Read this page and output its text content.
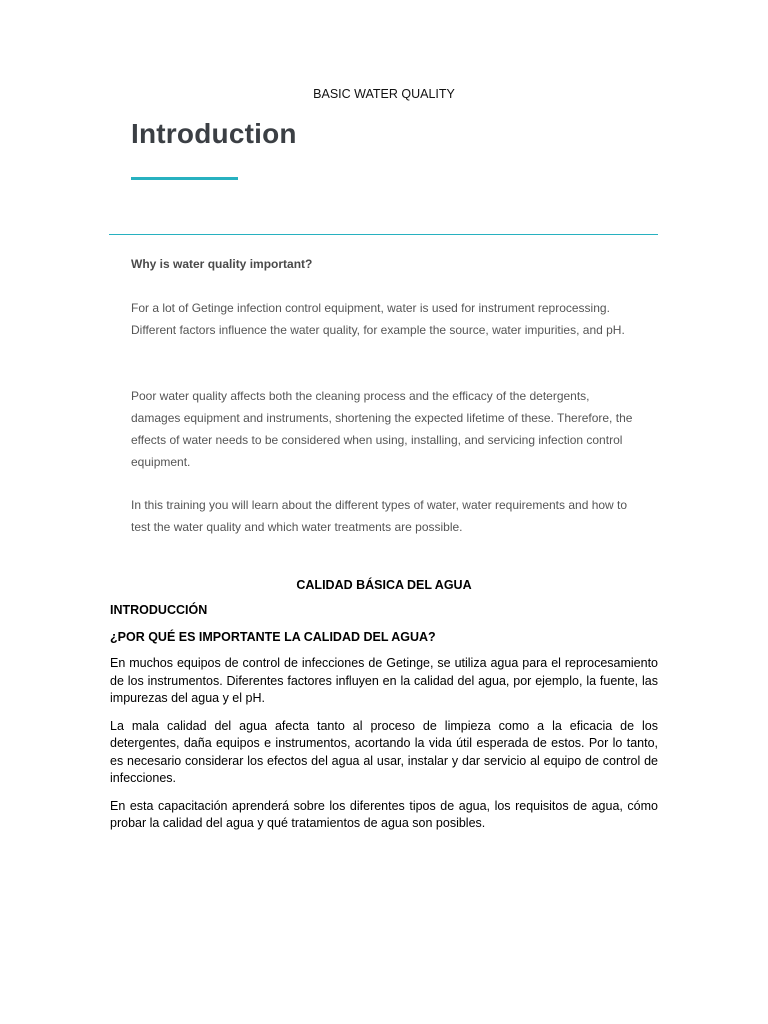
BASIC WATER QUALITY
Introduction

Why is water quality important?

For a lot of Getinge infection control equipment, water is used for instrument reprocessing. Different factors influence the water quality, for example the source, water impurities, and pH.

Poor water quality affects both the cleaning process and the efficacy of the detergents, damages equipment and instruments, shortening the expected lifetime of these. Therefore, the effects of water needs to be considered when using, installing, and servicing infection control equipment.

In this training you will learn about the different types of water, water requirements and how to test the water quality and which water treatments are possible.

CALIDAD BÁSICA DEL AGUA

INTRODUCCIÓN

¿POR QUÉ ES IMPORTANTE LA CALIDAD DEL AGUA?

En muchos equipos de control de infecciones de Getinge, se utiliza agua para el reprocesamiento de los instrumentos. Diferentes factores influyen en la calidad del agua, por ejemplo, la fuente, las impurezas del agua y el pH.

La mala calidad del agua afecta tanto al proceso de limpieza como a la eficacia de los detergentes, daña equipos e instrumentos, acortando la vida útil esperada de estos. Por lo tanto, es necesario considerar los efectos del agua al usar, instalar y dar servicio al equipo de control de infecciones.

En esta capacitación aprenderá sobre los diferentes tipos de agua, los requisitos de agua, cómo probar la calidad del agua y qué tratamientos de agua son posibles.
